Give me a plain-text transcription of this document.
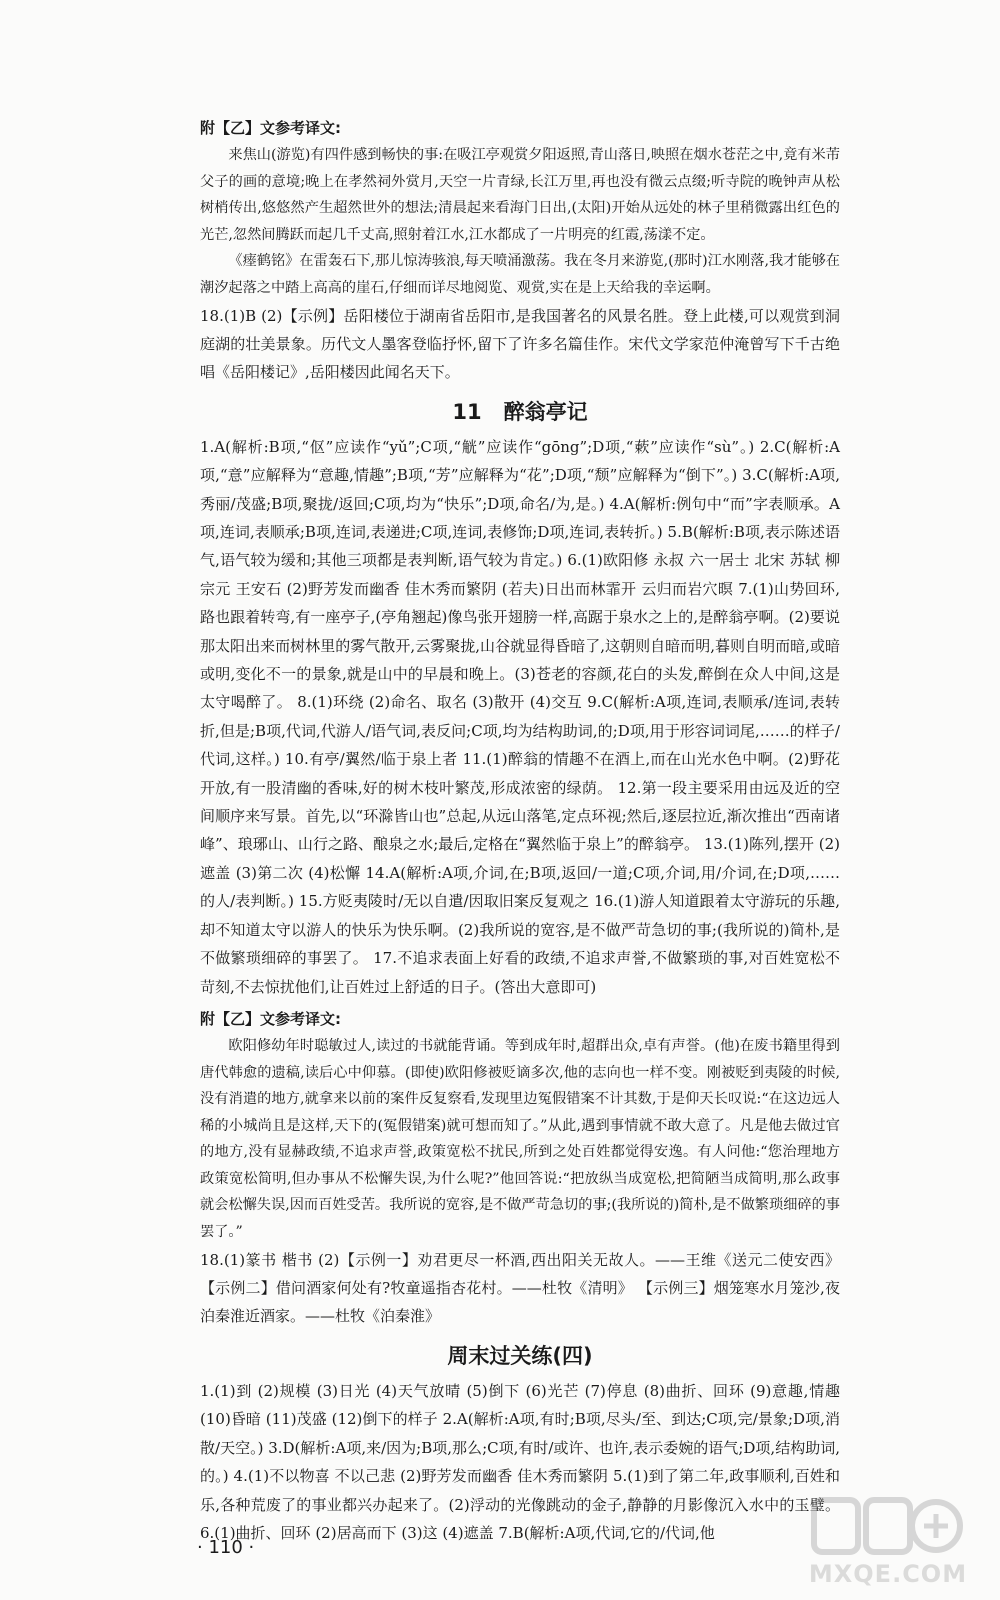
附【乙】文参考译文:

来焦山(游览)有四件感到畅快的事:在吸江亭观赏夕阳返照,青山落日,映照在烟水苍茫之中,竟有米芾父子的画的意境;晚上在孝然祠外赏月,天空一片青绿,长江万里,再也没有微云点缀;听寺院的晚钟声从松树梢传出,悠悠然产生超然世外的想法;清晨起来看海门日出,(太阳)开始从远处的林子里稍微露出红色的光芒,忽然间腾跃而起几千丈高,照射着江水,江水都成了一片明亮的红霞,荡漾不定。

《瘗鹤铭》在雷轰石下,那儿惊涛骇浪,每天喷涌激荡。我在冬月来游览,(那时)江水刚落,我才能够在潮汐起落之中踏上高高的崖石,仔细而详尽地阅览、观赏,实在是上天给我的幸运啊。

18.(1)B (2)【示例】岳阳楼位于湖南省岳阳市,是我国著名的风景名胜。登上此楼,可以观赏到洞庭湖的壮美景象。历代文人墨客登临抒怀,留下了许多名篇佳作。宋代文学家范仲淹曾写下千古绝唱《岳阳楼记》,岳阳楼因此闻名天下。

11 醉翁亭记

1.A(解析:B项,“伛”应读作“yǔ”;C项,“觥”应读作“gōng”;D项,“蔌”应读作“sù”。) 2.C(解析:A项,“意”应解释为“意趣,情趣”;B项,“芳”应解释为“花”;D项,“颓”应解释为“倒下”。) 3.C(解析:A项,秀丽/茂盛;B项,聚拢/返回;C项,均为“快乐”;D项,命名/为,是。) 4.A(解析:例句中“而”字表顺承。A项,连词,表顺承;B项,连词,表递进;C项,连词,表修饰;D项,连词,表转折。) 5.B(解析:B项,表示陈述语气,语气较为缓和;其他三项都是表判断,语气较为肯定。) 6.(1)欧阳修 永叔 六一居士 北宋 苏轼 柳宗元 王安石 (2)野芳发而幽香 佳木秀而繁阴 (若夫)日出而林霏开 云归而岩穴暝 7.(1)山势回环,路也跟着转弯,有一座亭子,(亭角翘起)像鸟张开翅膀一样,高踞于泉水之上的,是醉翁亭啊。(2)要说那太阳出来而树林里的雾气散开,云雾聚拢,山谷就显得昏暗了,这朝则自暗而明,暮则自明而暗,或暗或明,变化不一的景象,就是山中的早晨和晚上。(3)苍老的容颜,花白的头发,醉倒在众人中间,这是太守喝醉了。 8.(1)环绕 (2)命名、取名 (3)散开 (4)交互 9.C(解析:A项,连词,表顺承/连词,表转折,但是;B项,代词,代游人/语气词,表反问;C项,均为结构助词,的;D项,用于形容词词尾,……的样子/代词,这样。) 10.有亭/翼然/临于泉上者 11.(1)醉翁的情趣不在酒上,而在山光水色中啊。(2)野花开放,有一股清幽的香味,好的树木枝叶繁茂,形成浓密的绿荫。 12.第一段主要采用由远及近的空间顺序来写景。首先,以“环滁皆山也”总起,从远山落笔,定点环视;然后,逐层拉近,渐次推出“西南诸峰”、琅琊山、山行之路、酿泉之水;最后,定格在“翼然临于泉上”的醉翁亭。 13.(1)陈列,摆开 (2)遮盖 (3)第二次 (4)松懈 14.A(解析:A项,介词,在;B项,返回/一道;C项,介词,用/介词,在;D项,……的人/表判断。) 15.方贬夷陵时/无以自遣/因取旧案反复观之 16.(1)游人知道跟着太守游玩的乐趣,却不知道太守以游人的快乐为快乐啊。(2)我所说的宽容,是不做严苛急切的事;(我所说的)简朴,是不做繁琐细碎的事罢了。 17.不追求表面上好看的政绩,不追求声誉,不做繁琐的事,对百姓宽松不苛刻,不去惊扰他们,让百姓过上舒适的日子。(答出大意即可)

附【乙】文参考译文:

欧阳修幼年时聪敏过人,读过的书就能背诵。等到成年时,超群出众,卓有声誉。(他)在废书籍里得到唐代韩愈的遗稿,读后心中仰慕。(即使)欧阳修被贬谪多次,他的志向也一样不变。刚被贬到夷陵的时候,没有消遣的地方,就拿来以前的案件反复察看,发现里边冤假错案不计其数,于是仰天长叹说:“在这边远人稀的小城尚且是这样,天下的(冤假错案)就可想而知了。”从此,遇到事情就不敢大意了。凡是他去做过官的地方,没有显赫政绩,不追求声誉,政策宽松不扰民,所到之处百姓都觉得安逸。有人问他:“您治理地方政策宽松简明,但办事从不松懈失误,为什么呢?”他回答说:“把放纵当成宽松,把简陋当成简明,那么政事就会松懈失误,因而百姓受苦。我所说的宽容,是不做严苛急切的事;(我所说的)简朴,是不做繁琐细碎的事罢了。”

18.(1)篆书 楷书 (2)【示例一】劝君更尽一杯酒,西出阳关无故人。——王维《送元二使安西》 【示例二】借问酒家何处有?牧童遥指杏花村。——杜牧《清明》 【示例三】烟笼寒水月笼沙,夜泊秦淮近酒家。——杜牧《泊秦淮》

周末过关练(四)

1.(1)到 (2)规模 (3)日光 (4)天气放晴 (5)倒下 (6)光芒 (7)停息 (8)曲折、回环 (9)意趣,情趣 (10)昏暗 (11)茂盛 (12)倒下的样子 2.A(解析:A项,有时;B项,尽头/至、到达;C项,完/景象;D项,消散/天空。) 3.D(解析:A项,来/因为;B项,那么;C项,有时/或许、也许,表示委婉的语气;D项,结构助词,的。) 4.(1)不以物喜 不以己悲 (2)野芳发而幽香 佳木秀而繁阴 5.(1)到了第二年,政事顺利,百姓和乐,各种荒废了的事业都兴办起来了。(2)浮动的光像跳动的金子,静静的月影像沉入水中的玉璧。 6.(1)曲折、回环 (2)居高而下 (3)这 (4)遮盖 7.B(解析:A项,代词,它的/代词,他

· 110 ·
MXQE.COM
